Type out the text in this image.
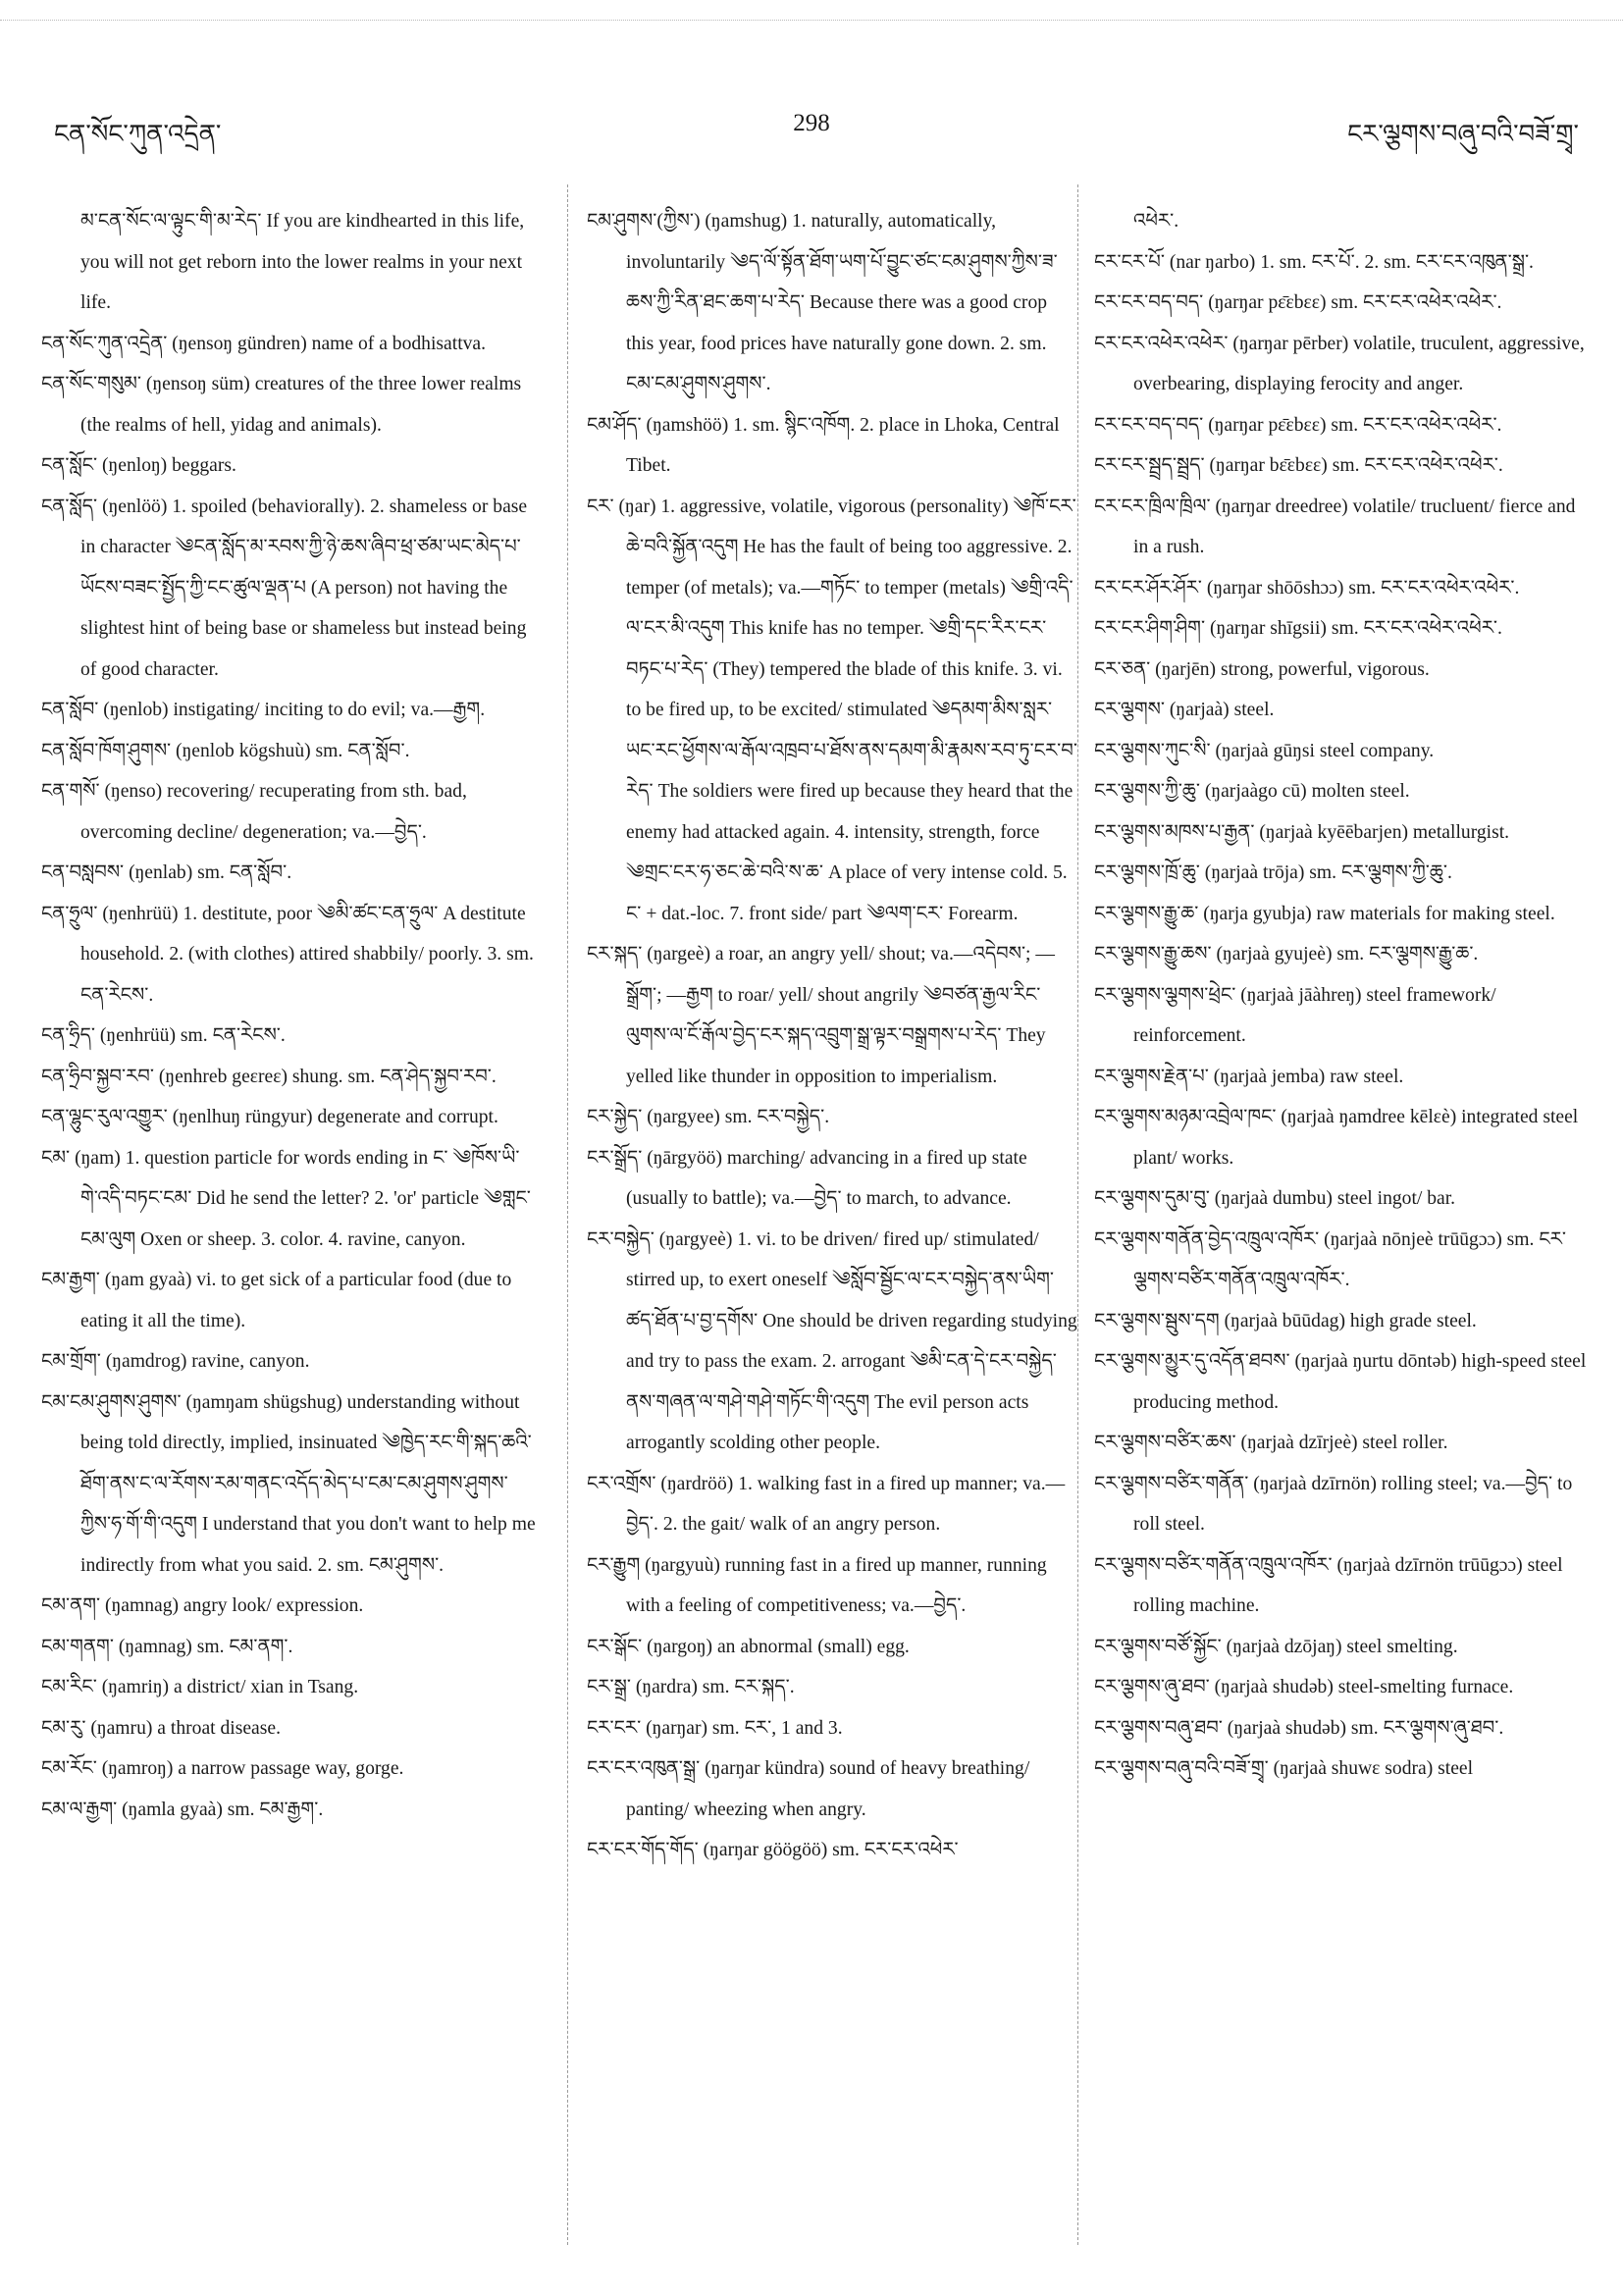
ངན་སོང་ཀུན་འདྲེན་	298	ངར་ལྕགས་བཞུ་བའི་བཟོ་གྲྭ་
མ་ངན་སོང་ལ་ལྟུང་གི་མ་རེད་ If you are kindhearted in this life, you will not get reborn into the lower realms in your next life.
ངན་སོང་ཀུན་འདྲེན་ (ŋensoŋ gündren) name of a bodhisattva.
ངན་སོང་གསུམ་ (ŋensoŋ süm) creatures of the three lower realms (the realms of hell, yidag and animals).
ངན་སློང་ (ŋenloŋ) beggars.
ངན་སློད་ (ŋenlöö) 1. spoiled (behaviorally). 2. shameless or base in character ༄ངན་སློད་མ་རབས་ཀྱི་ཉེ་ཆས་ཞིབ་ཕྲ་ཙམ་ཡང་མེད་པ་ཡོངས་བཟང་སྤྱོད་ཀྱི་ངང་ཚུལ་ལྡན་པ (A person) not having the slightest hint of being base or shameless but instead being of good character.
ངན་སློབ་ (ŋenlob) instigating/ inciting to do evil; va.—རྒྱག.
ངན་སློབ་ཁོག་ཤུགས་ (ŋenlob kögshuù) sm. ངན་སློབ་.
ངན་གསོ་ (ŋenso) recovering/ recuperating from sth. bad, overcoming decline/ degeneration; va.—བྱེད་.
ངན་བསླབས་ (ŋenlab) sm. ངན་སློབ་.
ངན་ཧྲུལ་ (ŋenhrüü) 1. destitute, poor ༄མི་ཚང་ངན་ཧྲུལ་ A destitute household. 2. (with clothes) attired shabbily/ poorly. 3. sm. ངན་རེངས་.
ངན་ཧྲིད་ (ŋenhrüü) sm. ངན་རེངས་.
ངན་ཧྲིབ་སྐྱབ་རབ་ (ŋenhreb geɛreɛ) shung. sm. ངན་ཤེད་སྐྱབ་རབ་.
ངན་ལྷུང་རུལ་འགྱུར་ (ŋenlhuŋ rüngyur) degenerate and corrupt.
ངམ་ (ŋam) 1. question particle for words ending in ང་ ༄ཁོས་ཡི་གེ་འདི་བཏང་ངམ་ Did he send the letter? 2. 'or' particle ༄གླང་ངམ་ལུག Oxen or sheep. 3. color. 4. ravine, canyon.
ངམ་རྒྱག་ (ŋam gyaà) vi. to get sick of a particular food (due to eating it all the time).
ངམ་གྲོག་ (ŋamdrog) ravine, canyon.
ངམ་ངམ་ཤུགས་ཤུགས་ (ŋamŋam shügshug) understanding without being told directly, implied, insinuated ༄ཁྱེད་རང་གི་སྐད་ཆའི་ཐོག་ནས་ང་ལ་རོགས་རམ་གནང་འདོད་མེད་པ་ངམ་ངམ་ཤུགས་ཤུགས་ཀྱིས་ཧ་གོ་གི་འདུག I understand that you don't want to help me indirectly from what you said. 2. sm. ངམ་ཤུགས་.
ངམ་ནག་ (ŋamnag) angry look/ expression.
ངམ་གནག་ (ŋamnag) sm. ངམ་ནག་.
ངམ་རིང་ (ŋamriŋ) a district/ xian in Tsang.
ངམ་རུ་ (ŋamru) a throat disease.
ངམ་རོང་ (ŋamroŋ) a narrow passage way, gorge.
ངམ་ལ་རྒྱག་ (ŋamla gyaà) sm. ངམ་རྒྱག་.
ངམ་ཤུགས་(ཀྱིས་) (ŋamshug) 1. naturally, automatically, involuntarily ༄ད་ལོ་སྟོན་ཐོག་ཡག་པོ་བྱུང་ཙང་ངམ་ཤུགས་ཀྱིས་ཟ་ཆས་ཀྱི་རིན་ཐང་ཆག་པ་རེད་ Because there was a good crop this year, food prices have naturally gone down. 2. sm. ངམ་ངམ་ཤུགས་ཤུགས་.
ངམ་ཤོད་ (ŋamshöö) 1. sm. སྙིང་འཁོག. 2. place in Lhoka, Central Tibet.
ངར་ (ŋar) 1. aggressive, volatile, vigorous (personality) ༄ཁོ་ངར་ཆེ་བའི་སྐྱོན་འདུག He has the fault of being too aggressive. 2. temper (of metals); va.—གཏོང་ to temper (metals) ༄གྲི་འདི་ལ་ངར་མི་འདུག This knife has no temper. ༄གྲི་དང་རིར་ངར་བཏང་པ་རེད་ (They) tempered the blade of this knife. 3. vi. to be fired up, to be excited/ stimulated ༄དམག་མིས་སླར་ཡང་རང་ཕྱོགས་ལ་རྒོལ་འཁྲབ་པ་ཐོས་ནས་དམག་མི་རྣམས་རབ་ཏུ་ངར་བ་རེད་ The soldiers were fired up because they heard that the enemy had attacked again. 4. intensity, strength, force ༄གྲང་ངར་ཧ་ཅང་ཆེ་བའི་ས་ཆ་ A place of very intense cold. 5. ང་ + dat.-loc. 7. front side/ part ༄ལག་ངར་ Forearm.
ངར་སྐད་ (ŋargeè) a roar, an angry yell/ shout; va.—འདེབས་; —སྒྲོག་; —རྒྱག to roar/ yell/ shout angrily ༄བཙན་རྒྱལ་རིང་ལུགས་ལ་ངོ་རྒོལ་བྱེད་ངར་སྐད་འབྲུག་སྒྲ་ལྟར་བསྒྲགས་པ་རེད་ They yelled like thunder in opposition to imperialism.
ངར་སྐྱེད་ (ŋargyee) sm. ངར་བསྐྱེད་.
ངར་སྒྲོད་ (ŋārgyöö) marching/ advancing in a fired up state (usually to battle); va.—བྱེད་ to march, to advance.
ངར་བསྐྱེད་ (ŋargyeè) 1. vi. to be driven/ fired up/ stimulated/ stirred up, to exert oneself ༄སློབ་སྦྱོང་ལ་ངར་བསྐྱེད་ནས་ཡིག་ཚད་ཐོན་པ་བྱ་དགོས་ One should be driven regarding studying and try to pass the exam. 2. arrogant ༄མི་ངན་དེ་ངར་བསྐྱེད་ནས་གཞན་ལ་གཤེ་གཤེ་གཏོང་གི་འདུག The evil person acts arrogantly scolding other people.
ངར་འགྲོས་ (ŋardröö) 1. walking fast in a fired up manner; va.—བྱེད་. 2. the gait/ walk of an angry person.
ངར་རྒྱུག (ŋargyuù) running fast in a fired up manner, running with a feeling of competitiveness; va.—བྱེད་.
ངར་སྒོང་ (ŋargoŋ) an abnormal (small) egg.
ངར་སྒྲ་ (ŋardra) sm. ངར་སྐད་.
ངར་ངར་ (ŋarŋar) sm. ངར་, 1 and 3.
ངར་ངར་འཁུན་སྒྲ་ (ŋarŋar kündra) sound of heavy breathing/ panting/ wheezing when angry.
ངར་ངར་གོད་གོད་ (ŋarŋar göögöö) sm. ངར་ངར་འཕེར་
འཕེར་.
ངར་ངར་པོ་ (nar ŋarbo) 1. sm. ངར་པོ་. 2. sm. ངར་ངར་འཁུན་སྒྲ་.
ངར་ངར་བད་བད་ (ŋarŋar pɛ̄ɛbɛɛ) sm. ངར་ངར་འཕེར་འཕེར་.
ངར་ངར་འཕེར་འཕེར་ (ŋarŋar pērber) volatile, truculent, aggressive, overbearing, displaying ferocity and anger.
ངར་ངར་བད་བད་ (ŋarŋar pɛ̄ɛbɛɛ) sm. ངར་ངར་འཕེར་འཕེར་.
ངར་ངར་སྦྲད་སྦྲད་ (ŋarŋar bɛ̄ɛbɛɛ) sm. ངར་ངར་འཕེར་འཕེར་.
ངར་ངར་ཁྲིལ་ཁྲིལ་ (ŋarŋar dreedree) volatile/ trucluent/ fierce and in a rush.
ངར་ངར་ཤོར་ཤོར་ (ŋarŋar shōōshɔɔ) sm. ངར་ངར་འཕེར་འཕེར་.
ངར་ངར་ཤིག་ཤིག་ (ŋarŋar shīgsii) sm. ངར་ངར་འཕེར་འཕེར་.
ངར་ཅན་ (ŋarjēn) strong, powerful, vigorous.
ངར་ལྕགས་ (ŋarjaà) steel.
ངར་ལྕགས་ཀུང་སི་ (ŋarjaà gūŋsi steel company.
ངར་ལྕགས་ཀྱི་ཆུ་ (ŋarjaàgo cū) molten steel.
ངར་ལྕགས་མཁས་པ་རྒྱན་ (ŋarjaà kyēēbarjen) metallurgist.
ངར་ལྕགས་ཁྲོ་ཆུ་ (ŋarjaà trōja) sm. ངར་ལྕགས་ཀྱི་ཆུ་.
ངར་ལྕགས་རྒྱུ་ཆ་ (ŋarja gyubja) raw materials for making steel.
ངར་ལྕགས་རྒྱུ་ཆས་ (ŋarjaà gyujeè) sm. ངར་ལྕགས་རྒྱུ་ཆ་.
ངར་ལྕགས་ལྕགས་ཕྲེང་ (ŋarjaà jāàhreŋ) steel framework/ reinforcement.
ངར་ལྕགས་རྗེན་པ་ (ŋarjaà jemba) raw steel.
ངར་ལྕགས་མཉམ་འབྲེལ་ཁང་ (ŋarjaà ŋamdree kēlɛè) integrated steel plant/ works.
ངར་ལྕགས་དུམ་བུ་ (ŋarjaà dumbu) steel ingot/ bar.
ངར་ལྕགས་གནོན་བྱེད་འཁྲུལ་འཁོར་ (ŋarjaà nōnjeè trūūgɔɔ) sm. ངར་ལྕགས་བཙིར་གནོན་འཁྲུལ་འཁོར་.
ངར་ལྕགས་སྦུས་དག (ŋarjaà būūdag) high grade steel.
ངར་ལྕགས་མྱུར་དུ་འདོན་ཐབས་ (ŋarjaà ŋurtu dōntəb) high-speed steel producing method.
ངར་ལྕགས་བཙིར་ཆས་ (ŋarjaà dzīrjeè) steel roller.
ངར་ལྕགས་བཙིར་གནོན་ (ŋarjaà dzīrnön) rolling steel; va.—བྱེད་ to roll steel.
ངར་ལྕགས་བཙིར་གནོན་འཁྲུལ་འཁོར་ (ŋarjaà dzīrnön trūūgɔɔ) steel rolling machine.
ངར་ལྕགས་བཙོ་སྐྱོང་ (ŋarjaà dzōjaŋ) steel smelting.
ངར་ལྕགས་ཞུ་ཐབ་ (ŋarjaà shudəb) steel-smelting furnace.
ངར་ལྕགས་བཞུ་ཐབ་ (ŋarjaà shudəb) sm. ངར་ལྕགས་ཞུ་ཐབ་.
ངར་ལྕགས་བཞུ་བའི་བཟོ་གྲྭ་ (ŋarjaà shuwɛ sodra) steel
